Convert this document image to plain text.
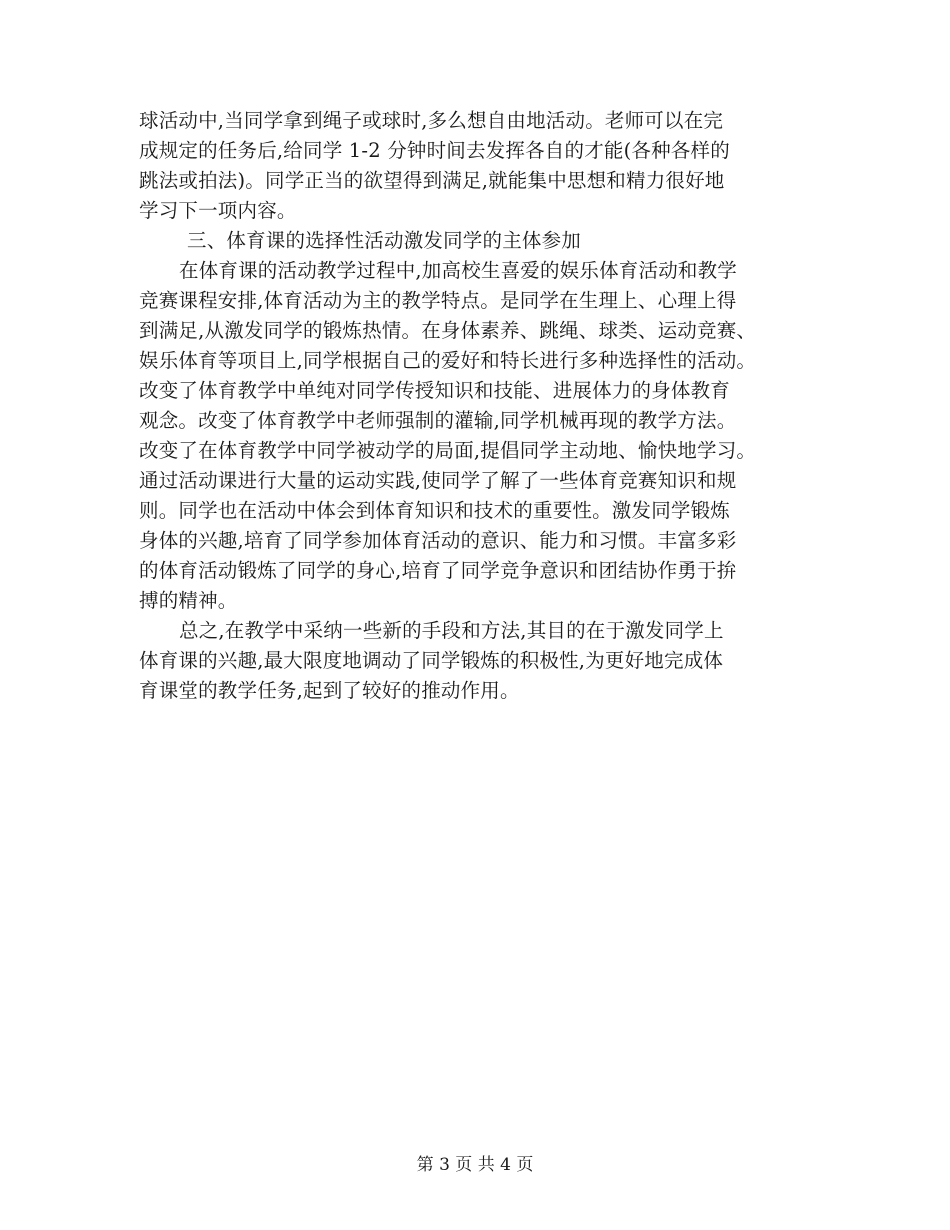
球活动中,当同学拿到绳子或球时,多么想自由地活动。老师可以在完
成规定的任务后,给同学 1-2 分钟时间去发挥各自的才能(各种各样的
跳法或拍法)。同学正当的欲望得到满足,就能集中思想和精力很好地
学习下一项内容。
三、体育课的选择性活动激发同学的主体参加
在体育课的活动教学过程中,加高校生喜爱的娱乐体育活动和教学
竞赛课程安排,体育活动为主的教学特点。是同学在生理上、心理上得
到满足,从激发同学的锻炼热情。在身体素养、跳绳、球类、运动竞赛、
娱乐体育等项目上,同学根据自己的爱好和特长进行多种选择性的活动。
改变了体育教学中单纯对同学传授知识和技能、进展体力的身体教育
观念。改变了体育教学中老师强制的灌输,同学机械再现的教学方法。
改变了在体育教学中同学被动学的局面,提倡同学主动地、愉快地学习。
通过活动课进行大量的运动实践,使同学了解了一些体育竞赛知识和规
则。同学也在活动中体会到体育知识和技术的重要性。激发同学锻炼
身体的兴趣,培育了同学参加体育活动的意识、能力和习惯。丰富多彩
的体育活动锻炼了同学的身心,培育了同学竞争意识和团结协作勇于拚
搏的精神。
总之,在教学中采纳一些新的手段和方法,其目的在于激发同学上
体育课的兴趣,最大限度地调动了同学锻炼的积极性,为更好地完成体
育课堂的教学任务,起到了较好的推动作用。
第 3 页 共 4 页
